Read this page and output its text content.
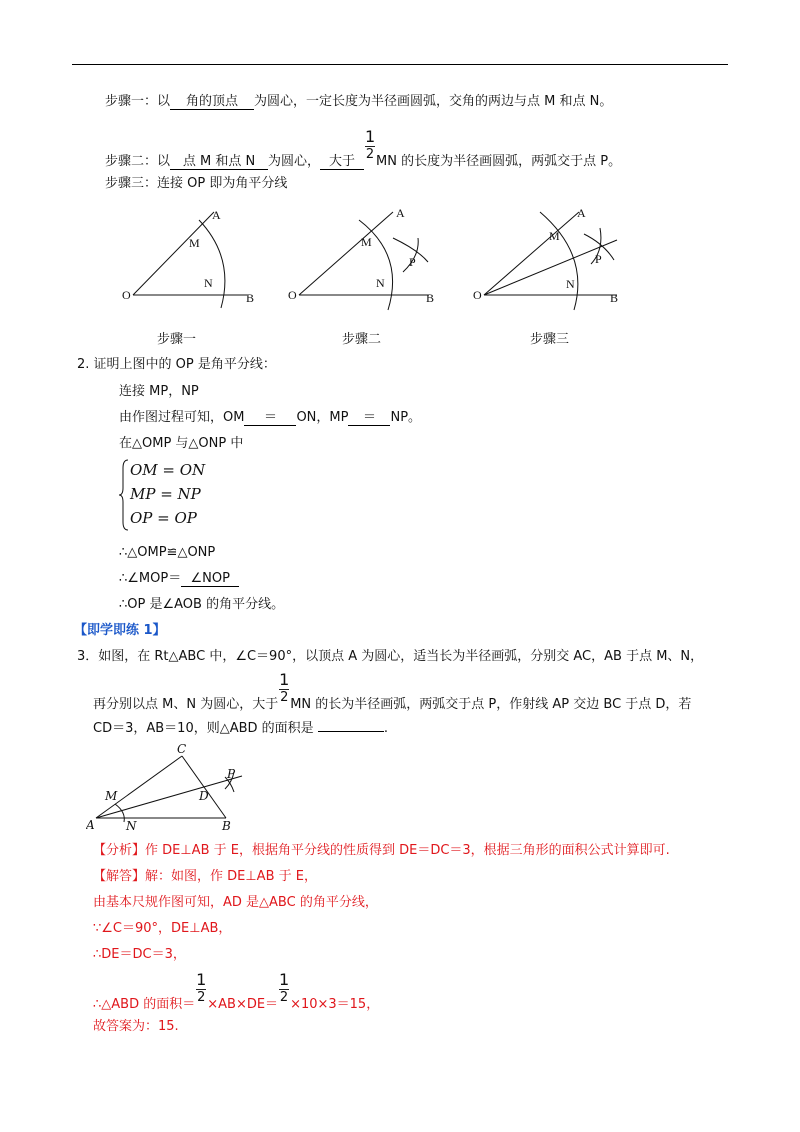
步骤一：以 角的顶点 为圆心，一定长度为半径画圆弧，交角的两边与点 M 和点 N。
步骤二：以 点 M 和点 N 为圆心， 大于 $\frac{1}{2}$ MN 的长度为半径画圆弧，两弧交于点 P。
步骤三：连接 OP 即为角平分线
O
A
B
M
N
O
A
B
M
N
P
O
A
B
M
N
P
步骤一	步骤二	步骤三
2. 证明上图中的 OP 是角平分线：
连接 MP，NP
由作图过程可知，OM ＝ ON，MP ＝ NP。
在△OMP 与△ONP 中
OM = ON
MP = NP
OP = OP
∴△OMP≌△ONP
∴∠MOP＝ ∠NOP
∴OP 是∠AOB 的角平分线。
【即学即练 1】
3．如图，在 Rt△ABC 中，∠C＝90°，以顶点 A 为圆心，适当长为半径画弧，分别交 AC，AB 于点 M、N，
再分别以点 M、N 为圆心，大于 $\frac{1}{2}$ MN 的长为半径画弧，两弧交于点 P，作射线 AP 交边 BC 于点 D，若
CD＝3，AB＝10，则△ABD 的面积是	.
A	B
C
D
M
N
P
【分析】作 DE⊥AB 于 E，根据角平分线的性质得到 DE＝DC＝3，根据三角形的面积公式计算即可.
【解答】解：如图，作 DE⊥AB 于 E，
由基本尺规作图可知，AD 是△ABC 的角平分线，
∵∠C＝90°，DE⊥AB，
∴DE＝DC＝3，
∴△ABD 的面积＝ $\frac{1}{2} \times AB\times DE= \frac{1}{2} \times 10\times 3=15$，
故答案为：15.
